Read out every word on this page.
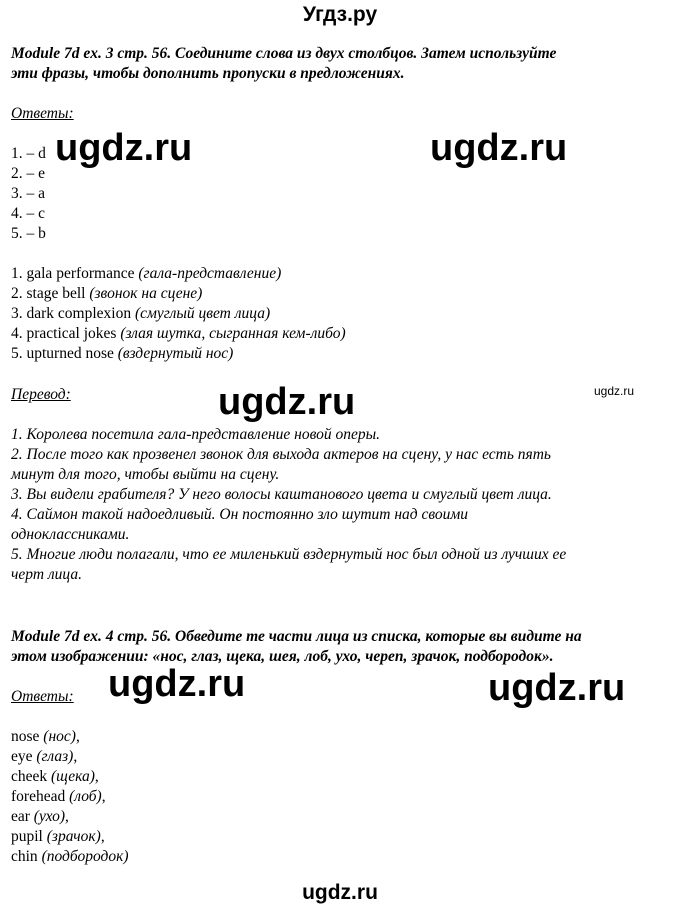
Угдз.ру
Module 7d ex. 3 стр. 56. Соедините слова из двух столбцов. Затем используйте
эти фразы, чтобы дополнить пропуски в предложениях.
Ответы:
1. – d
2. – e
3. – a
4. – c
5. – b
1. gala performance (гала-представление)
2. stage bell (звонок на сцене)
3. dark complexion (смуглый цвет лица)
4. practical jokes (злая шутка, сыгранная кем-либо)
5. upturned nose (вздернутый нос)
Перевод:
1. Королева посетила гала-представление новой оперы.
2. После того как прозвенел звонок для выхода актеров на сцену, у нас есть пять
минут для того, чтобы выйти на сцену.
3. Вы видели грабителя? У него волосы каштанового цвета и смуглый цвет лица.
4. Саймон такой надоедливый. Он постоянно зло шутит над своими
одноклассниками.
5. Многие люди полагали, что ее миленький вздернутый нос был одной из лучших ее
черт лица.
Module 7d ex. 4 стр. 56. Обведите те части лица из списка, которые вы видите на
этом изображении: «нос, глаз, щека, шея, лоб, ухо, череп, зрачок, подбородок».
Ответы:
nose (нос),
eye (глаз),
cheek (щека),
forehead (лоб),
ear (ухо),
pupil (зрачок),
chin (подбородок)
ugdz.ru	ugdz.ru
ugdz.ru	ugdz.ru
ugdz.ru	ugdz.ru
ugdz.ru
